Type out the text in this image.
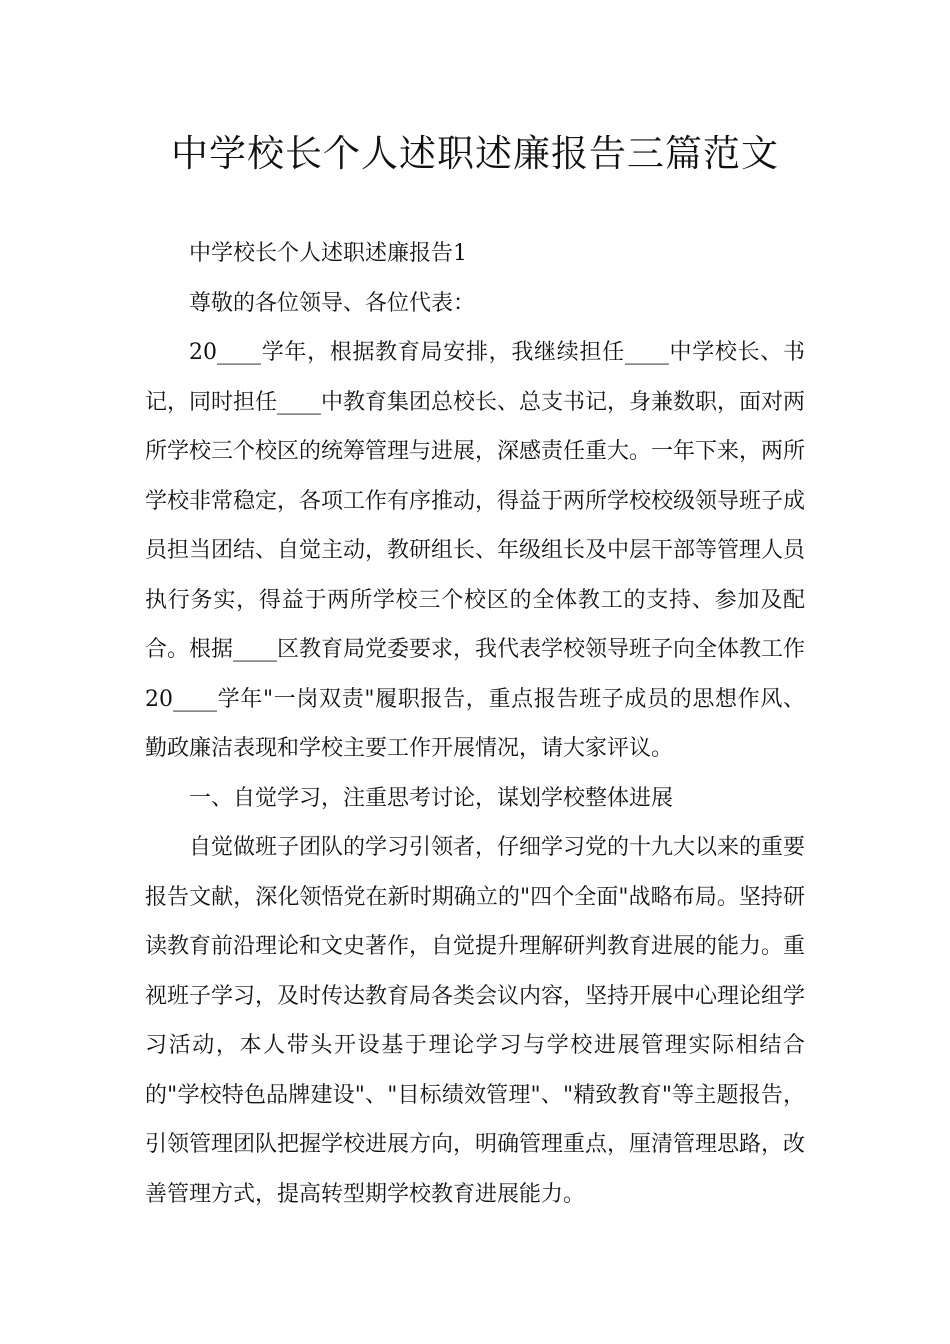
中学校长个人述职述廉报告三篇范文

中学校长个人述职述廉报告1

尊敬的各位领导、各位代表：

20____学年，根据教育局安排，我继续担任____中学校长、书记，同时担任____中教育集团总校长、总支书记，身兼数职，面对两所学校三个校区的统筹管理与进展，深感责任重大。一年下来，两所学校非常稳定，各项工作有序推动，得益于两所学校校级领导班子成员担当团结、自觉主动，教研组长、年级组长及中层干部等管理人员执行务实，得益于两所学校三个校区的全体教工的支持、参加及配合。根据____区教育局党委要求，我代表学校领导班子向全体教工作20____学年"一岗双责"履职报告，重点报告班子成员的思想作风、勤政廉洁表现和学校主要工作开展情况，请大家评议。

一、自觉学习，注重思考讨论，谋划学校整体进展

自觉做班子团队的学习引领者，仔细学习党的十九大以来的重要报告文献，深化领悟党在新时期确立的"四个全面"战略布局。坚持研读教育前沿理论和文史著作，自觉提升理解研判教育进展的能力。重视班子学习，及时传达教育局各类会议内容，坚持开展中心理论组学习活动，本人带头开设基于理论学习与学校进展管理实际相结合的"学校特色品牌建设"、"目标绩效管理"、"精致教育"等主题报告，引领管理团队把握学校进展方向，明确管理重点，厘清管理思路，改善管理方式，提高转型期学校教育进展能力。
